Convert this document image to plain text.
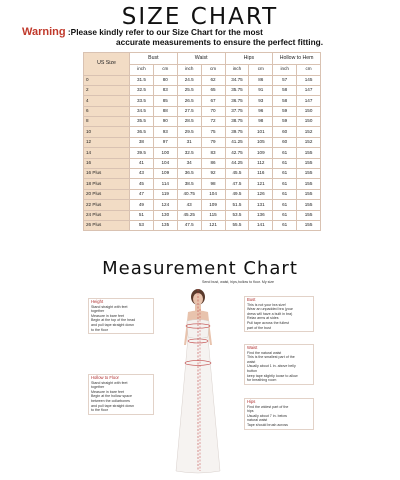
SIZE CHART
Warning :Please kindly refer to our Size Chart for the most
accurate measurements to ensure the perfect fitting.
US Size	Bust		Waist		Hips		Hollow to Hem	
	inch	cm	inch	cm	inch	cm	inch	cm
0	31.5	80	24.5	62	34.75	86	57	145
2	32.5	83	25.5	65	35.75	91	58	147
4	33.5	85	26.5	67	36.75	93	58	147
6	34.5	88	27.5	70	37.75	96	59	150
8	35.5	90	28.5	72	38.75	98	59	150
10	36.5	93	29.5	75	39.75	101	60	152
12	38	97	31	79	41.25	105	60	152
14	39.5	100	32.5	83	42.75	109	61	155
16	41	104	34	86	44.25	112	61	155
16 Plus	43	109	36.5	92	45.5	116	61	155
18 Plus	45	114	38.5	98	47.5	121	61	155
20 Plus	47	119	40.75	104	49.5	126	61	155
22 Plus	49	124	43	109	51.5	131	61	155
24 Plus	51	130	45.25	115	53.5	136	61	155
26 Plus	53	135	47.5	121	55.5	141	61	155
Measurement Chart
Send bust, waist, hips,hollow to floor. My size
Height
Stand straight with feet
together
Measure in bare feet
Begin at the top of the head
and pull tape straight down
to the floor
Hollow to Floor
Stand straight with feet
together
Measure in bare feet
Begin at the hollow space
between the collarbones
and pull tape straight down
to the floor
Bust
This is not your bra size!
Wear an unpadded bra (your
dress will have a built in bra)
Relax arms at sides
Pull tape across the fullest
part of the bust
Waist
Find the natural waist
This is the smallest part of the
waist
Usually about 1 in. above belly
button
keep tape slightly loose to allow
for breathing room
Hips
Find the widest part of the
hips
Usually about 7 in. below
natural waist
Tape should brush across
